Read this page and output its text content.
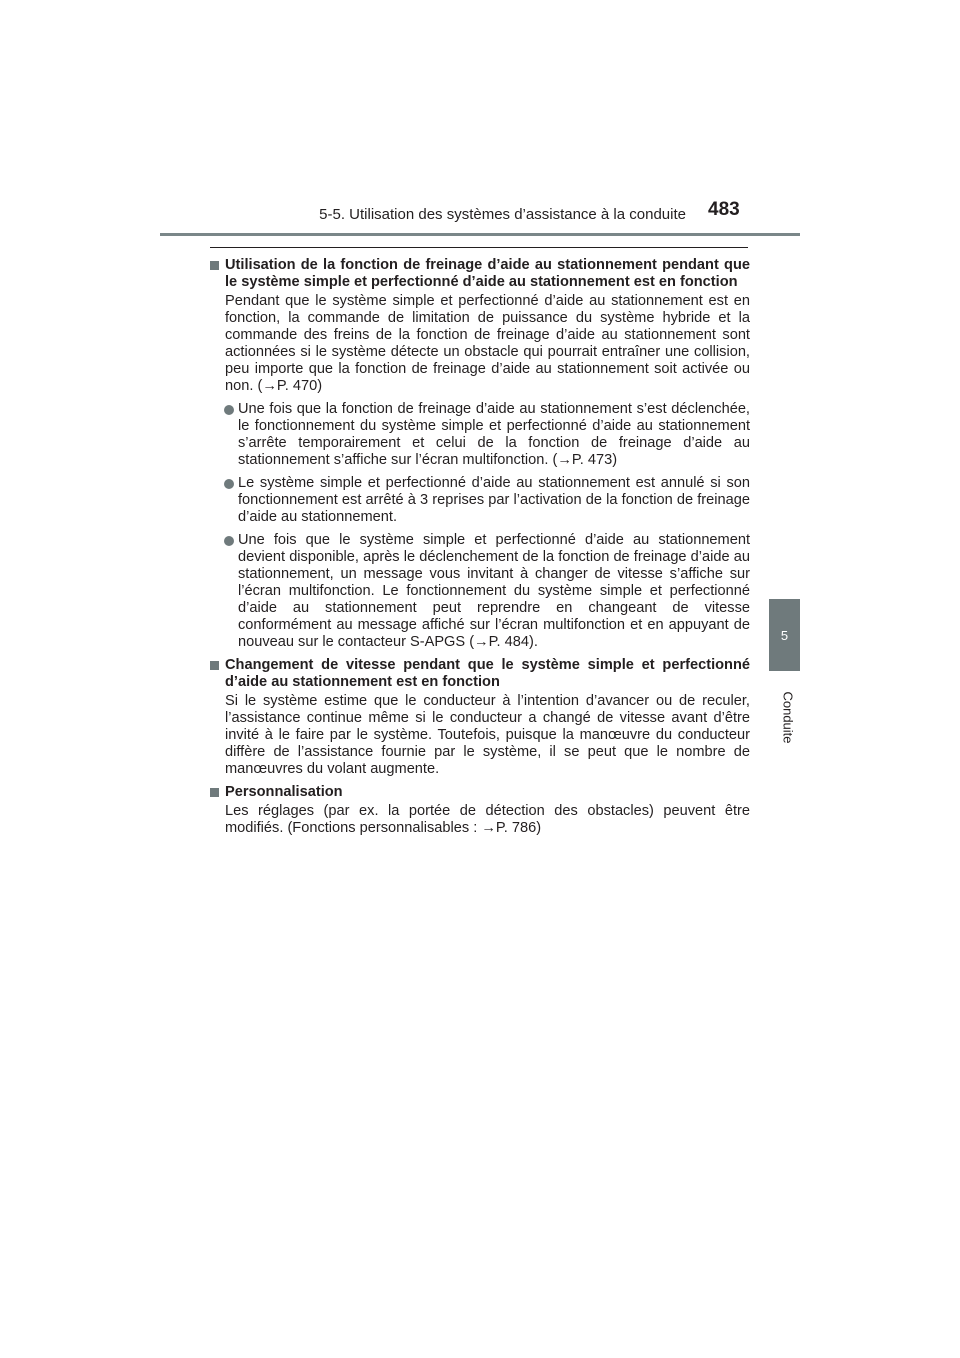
5-5. Utilisation des systèmes d’assistance à la conduite 483
5
Conduite
Utilisation de la fonction de freinage d’aide au stationnement pendant que le système simple et perfectionné d’aide au stationnement est en fonction
Pendant que le système simple et perfectionné d’aide au stationnement est en fonction, la commande de limitation de puissance du système hybride et la commande des freins de la fonction de freinage d’aide au stationnement sont actionnées si le système détecte un obstacle qui pourrait entraîner une collision, peu importe que la fonction de freinage d’aide au stationnement soit activée ou non. (→P. 470)
Une fois que la fonction de freinage d’aide au stationnement s’est déclenchée, le fonctionnement du système simple et perfectionné d’aide au stationnement s’arrête temporairement et celui de la fonction de freinage d’aide au stationnement s’affiche sur l’écran multifonction. (→P. 473)
Le système simple et perfectionné d’aide au stationnement est annulé si son fonctionnement est arrêté à 3 reprises par l’activation de la fonction de freinage d’aide au stationnement.
Une fois que le système simple et perfectionné d’aide au stationnement devient disponible, après le déclenchement de la fonction de freinage d’aide au stationnement, un message vous invitant à changer de vitesse s’affiche sur l’écran multifonction. Le fonctionnement du système simple et perfectionné d’aide au stationnement peut reprendre en changeant de vitesse conformément au message affiché sur l’écran multifonction et en appuyant de nouveau sur le contacteur S-APGS (→P. 484).
Changement de vitesse pendant que le système simple et perfectionné d’aide au stationnement est en fonction
Si le système estime que le conducteur à l’intention d’avancer ou de reculer, l’assistance continue même si le conducteur a changé de vitesse avant d’être invité à le faire par le système. Toutefois, puisque la manœuvre du conducteur diffère de l’assistance fournie par le système, il se peut que le nombre de manœuvres du volant augmente.
Personnalisation
Les réglages (par ex. la portée de détection des obstacles) peuvent être modifiés. (Fonctions personnalisables : →P. 786)
